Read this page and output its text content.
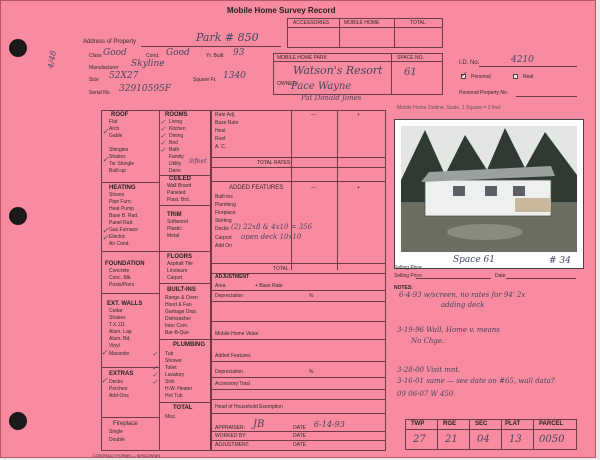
Mobile Home Survey Record
ACCESSORIES	MOBILE HOME	TOTAL
4/48
Address of Property	Park # 850
Class Good	Cond. Good	Yr. Built 93
Manufacturer Skyline
Size 52X27	Square Ft. 1340
Serial No. 32910595F
MOBILE HOME PARK	SPACE NO.
Watson's Resort
OWNER
Pace Wayne
Pat Donald Jones
61
I.D. No.	4210
✓ Personal	Real
Personal Property No.
ROOF
Flat
Arch
Gable
✓
Shingles
Shakes
Tar Shingle
Built-up
✓
ROOMS
Living
Kitchen
Dining
Bed
Bath
Family
Utility 9/feet
Dens
✓
✓
✓
✓
✓
CEILED
Wall Board
Paneled
Plast. Brd.
HEATING
Stoves
Pipe Furn.
Heat Pump
Base B. Rad.
Panel Rad.
Gas Furnace
Electric
Air Cond.
✓
✓
TRIM
Softwood
Plastic
Metal
FOUNDATION
Concrete
Conc. Blk.
Posts/Piers
FLOORS
Asphalt Tile
Linoleum
Carpet
EXT. WALLS
Cedar
Shakes
T.X.111
Alum. Lap
Alum. Bd.
Vinyl
Masonite
✓
BUILT-INS
Range & Oven
Hood & Fan
Garbage Disp.
Dishwasher
Inter Com.
Bar-B-Que
PLUMBING
Tub
Shower
Toilet
Lavatory
Sink
H.W. Heater
Hot Tub
✓
✓
✓
✓
EXTRAS
Decks
Porches
Add-Ons
✓
TOTAL
Misc.
Fireplace
Single
Double
Rate Adj.	—	+
Base Rate
Heat
Roof
A. C.
TOTAL RATES
ADDED FEATURES	—	+
Built-ins
Plumbing
Fireplace
Skirting
Decks (2) 22x8 & 4x10 = 356
Carport open deck 10x10
Add On
TOTAL
ADJUSTMENT
Area	+ Base Rate
Depreciation	%
Mobile Home Value
Added Features
Depreciation	%
Accessory Total
Head of Household Exemption
APPRAISER: JB	DATE 6-14-93
WORKED BY:	DATE
ADJUSTMENT:	DATE
Space 61	# 34
Mobile Home Outline. Scale, 1 Square = 2 feet
Selling Price
Selling Price	Date
NOTES:
6-4-93 w/screen, no rates for 94' 2x
adding deck
3-19-96 Wall, Home v. means
No Chge.
3-28-00 Visit mnt.
3-16-01 same — see date on #65, wall data?
09 06-07 W 450
TWP	RGE	SEC	PLAT	PARCEL
27 21 04 13 0050
CONTRACT FORMS — WISCONSIN
